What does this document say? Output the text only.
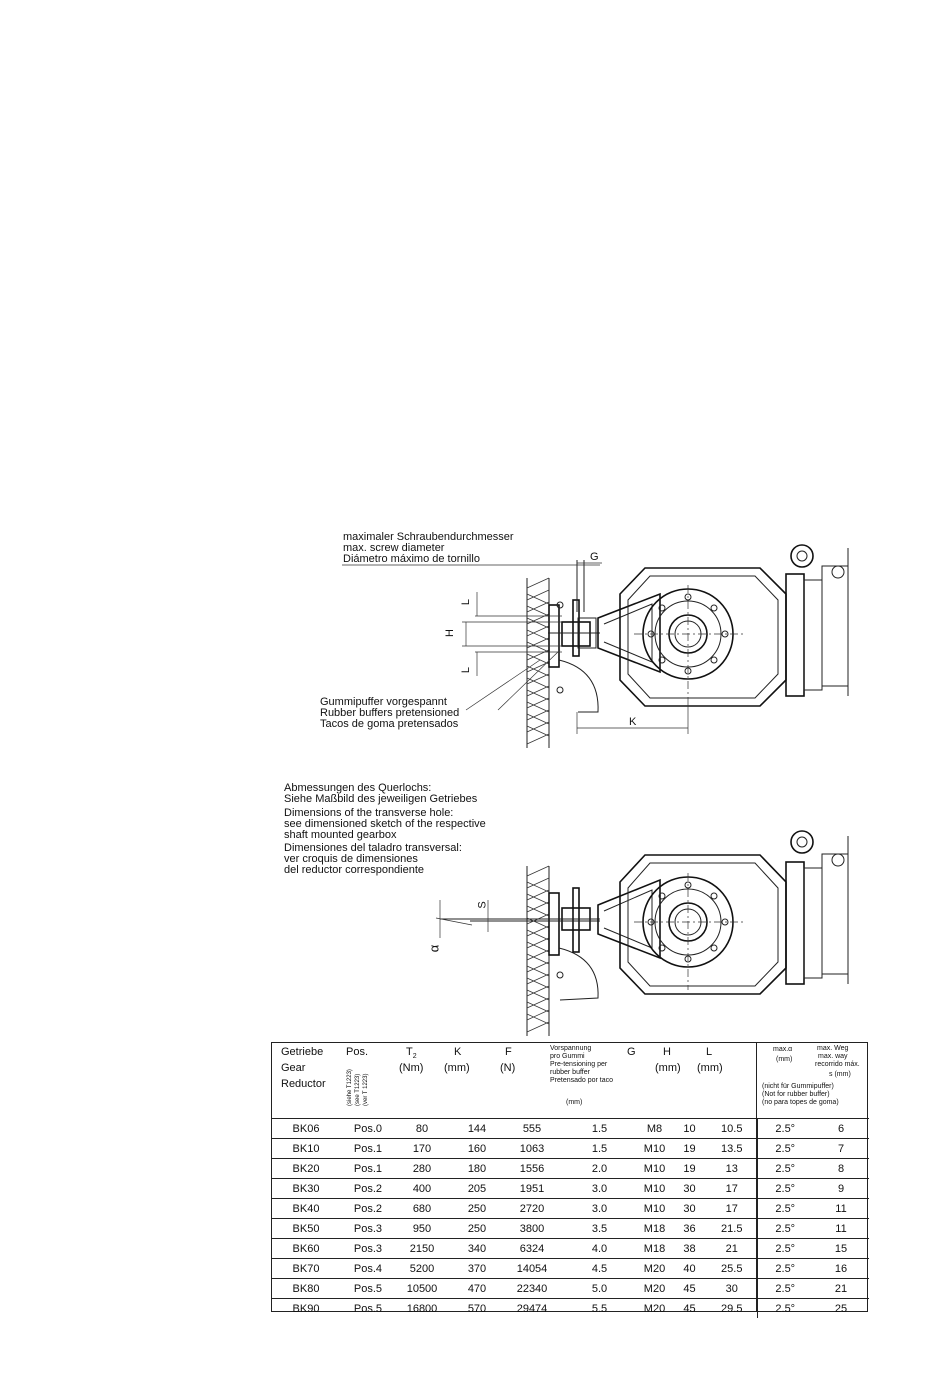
maximaler Schraubendurchmesser
max. screw diameter
Diámetro máximo de tornillo	G
K
H
L
L
Gummipuffer vorgespannt
Rubber buffers pretensioned
Tacos de goma pretensados
Abmessungen des Querlochs:
Siehe Maßbild des jeweiligen Getriebes
Dimensions of the transverse hole:
see dimensioned sketch of the respective
shaft mounted gearbox
Dimensiones del taladro transversal:
ver croquis de dimensiones
del reductor correspondiente
S
α
Getriebe
Gear
Reductor
Pos.
(siehe T1223) (see T1223) (ver T 1223)
$T_2$
(Nm)
K
(mm)
F
(N)
Vorspannung
pro Gummi
Pre-tensioning per
rubber buffer
Pretensado por taco
(mm)
G H
(mm)
L
(mm)
max.α
(mm)
(nicht für Gummipuffer)
(Not for rubber buffer)
(no para topes de goma)
max. Weg
max. way
recorrido máx.
s (mm)

BK06	Pos.0	80	144	555	1.5	M8	10	10.5	2.5°	6
BK10	Pos.1	170	160	1063	1.5	M10	19	13.5	2.5°	7
BK20	Pos.1	280	180	1556	2.0	M10	19	13	2.5°	8
BK30	Pos.2	400	205	1951	3.0	M10	30	17	2.5°	9
BK40	Pos.2	680	250	2720	3.0	M10	30	17	2.5°	11
BK50	Pos.3	950	250	3800	3.5	M18	36	21.5	2.5°	11
BK60	Pos.3	2150	340	6324	4.0	M18	38	21	2.5°	15
BK70	Pos.4	5200	370	14054	4.5	M20	40	25.5	2.5°	16
BK80	Pos.5	10500	470	22340	5.0	M20	45	30	2.5°	21
BK90	Pos.5	16800	570	29474	5.5	M20	45	29.5	2.5°	25
